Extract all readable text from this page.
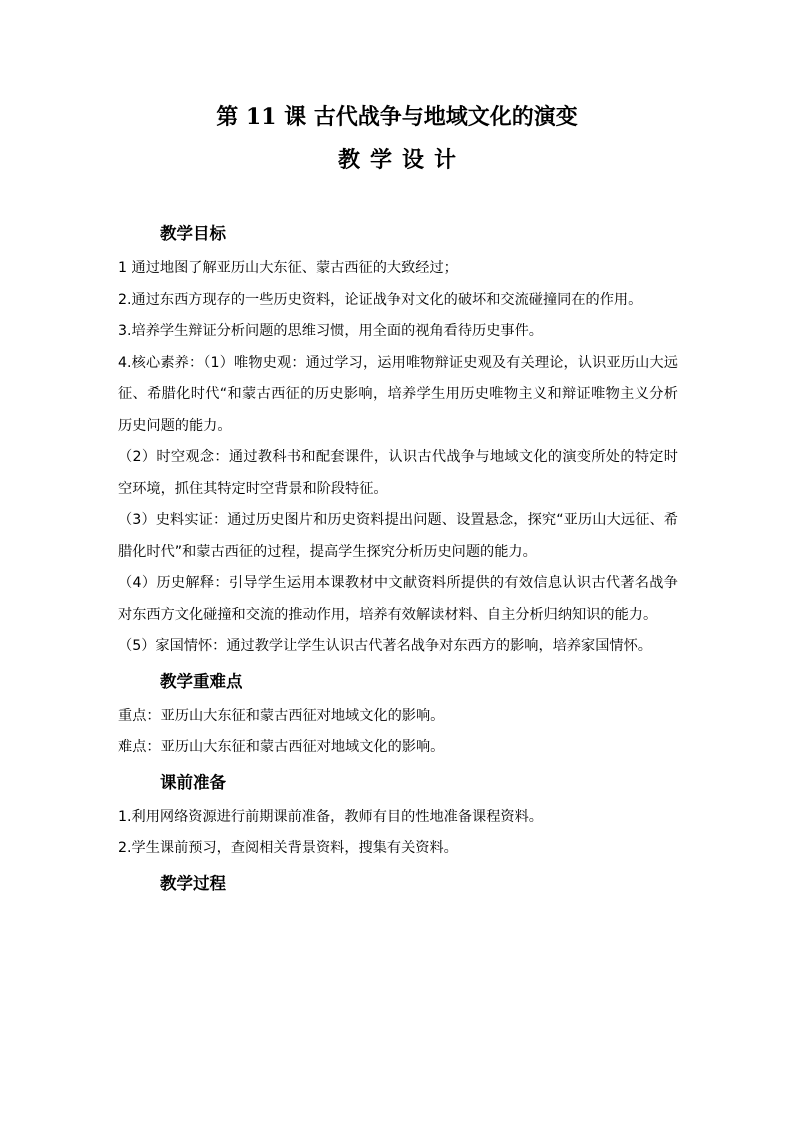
第 11 课 古代战争与地域文化的演变
教学设计
教学目标
1 通过地图了解亚历山大东征、蒙古西征的大致经过；
2.通过东西方现存的一些历史资料，论证战争对文化的破坏和交流碰撞同在的作用。
3.培养学生辩证分析问题的思维习惯，用全面的视角看待历史事件。
4.核心素养：（1）唯物史观：通过学习，运用唯物辩证史观及有关理论，认识亚历山大远征、希腊化时代“和蒙古西征的历史影响，培养学生用历史唯物主义和辩证唯物主义分析历史问题的能力。
（2）时空观念：通过教科书和配套课件，认识古代战争与地域文化的演变所处的特定时空环境，抓住其特定时空背景和阶段特征。
（3）史料实证：通过历史图片和历史资料提出问题、设置悬念，探究“亚历山大远征、希腊化时代”和蒙古西征的过程，提高学生探究分析历史问题的能力。
（4）历史解释：引导学生运用本课教材中文献资料所提供的有效信息认识古代著名战争对东西方文化碰撞和交流的推动作用，培养有效解读材料、自主分析归纳知识的能力。
（5）家国情怀：通过教学让学生认识古代著名战争对东西方的影响，培养家国情怀。
教学重难点
重点：亚历山大东征和蒙古西征对地域文化的影响。
难点：亚历山大东征和蒙古西征对地域文化的影响。
课前准备
1.利用网络资源进行前期课前准备，教师有目的性地准备课程资料。
2.学生课前预习，查阅相关背景资料，搜集有关资料。
教学过程
